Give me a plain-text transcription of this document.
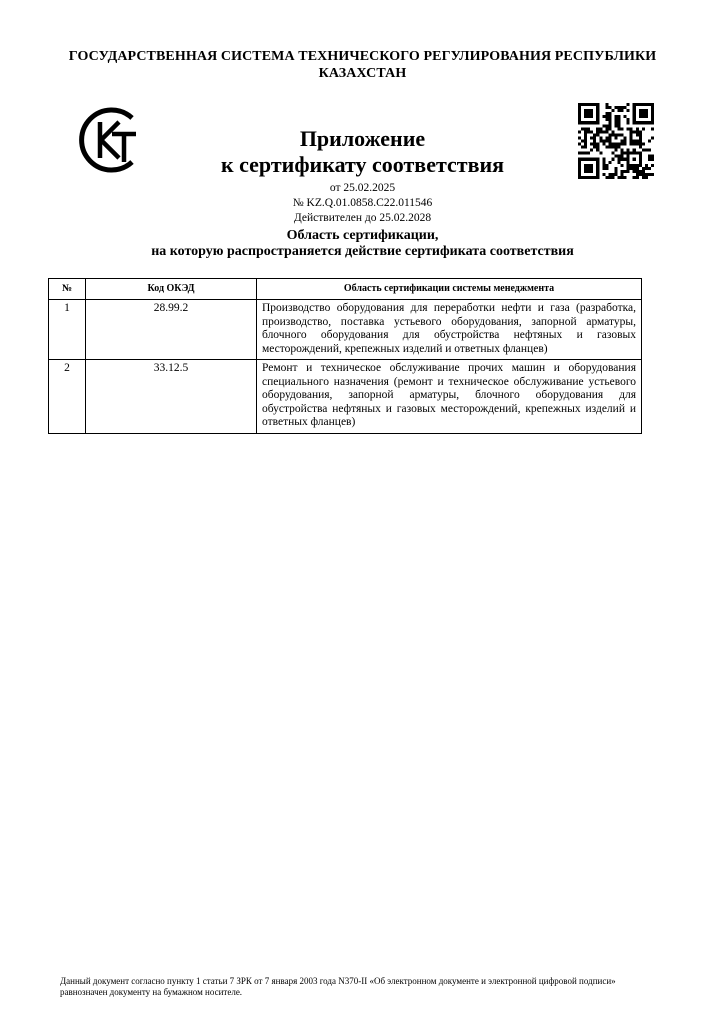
ГОСУДАРСТВЕННАЯ СИСТЕМА ТЕХНИЧЕСКОГО РЕГУЛИРОВАНИЯ РЕСПУБЛИКИ
КАЗАХСТАН
Приложение
к сертификату соответствия
от 25.02.2025
№ KZ.Q.01.0858.C22.011546
Действителен до 25.02.2028
Область сертификации,
на которую распространяется действие сертификата соответствия
№	Код ОКЭД	Область сертификации системы менеджмента
1	28.99.2	Производство оборудования для переработки нефти и газа (разработка, производство, поставка устьевого оборудования, запорной арматуры, блочного оборудования для обустройства нефтяных и газовых месторождений, крепежных изделий и ответных фланцев)
2	33.12.5	Ремонт и техническое обслуживание прочих машин и оборудования специального назначения (ремонт и техническое обслуживание устьевого оборудования, запорной арматуры, блочного оборудования для обустройства нефтяных и газовых месторождений, крепежных изделий и ответных фланцев)
Данный документ согласно пункту 1 статьи 7 ЗРК от 7 января 2003 года N370-II «Об электронном документе и электронной цифровой подписи»
равнозначен документу на бумажном носителе.
